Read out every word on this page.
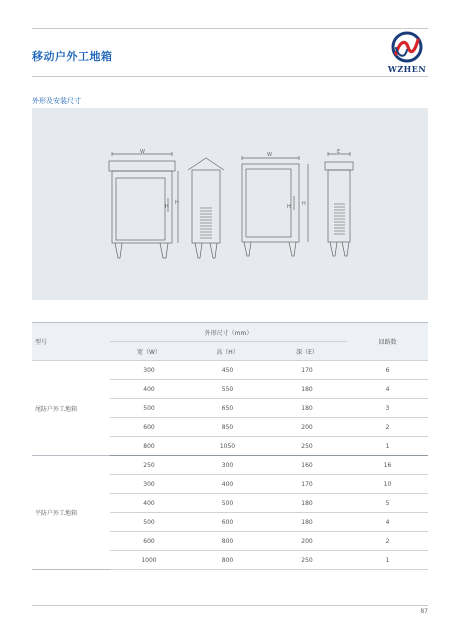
移动户外工地箱
WZHEN
外形及安装尺寸
W
H
H
W
H H
E
型号	外形尺寸（mm）			回路数
	宽（W）	高（H）	深（E）	
尾防户外工地箱	300	450	170	6
	400	550	180	4
	500	650	180	3
	600	850	200	2
	800	1050	250	1
平防户外工地箱	250	300	160	16
	300	400	170	10
	400	500	180	5
	500	600	180	4
	600	800	200	2
	1000	800	250	1
87
